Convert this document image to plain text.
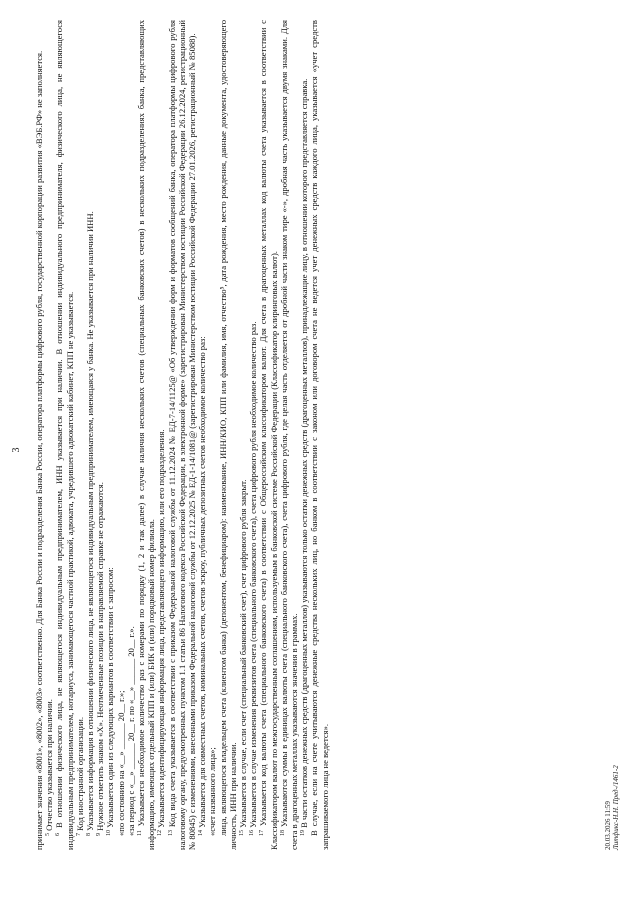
3 принимает значения «8001», «8002», «8003» соответственно. Для Банка России и подразделения Банка России, оператора платформы цифрового рубля, государственной корпорации развития «ВЭБ.РФ» не заполняется. $^5$ Отчество указывается при наличии.

$^6$ В отношении физического лица, не являющегося индивидуальным предпринимателем, ИНН указывается при наличии. В отношении индивидуального предпринимателя, физического лица, не являющегося индивидуальным предпринимателем, нотариуса, занимающегося частной практикой, адвоката, учредившего адвокатский кабинет, КПП не указывается. $^7$ Код иностранной организации.

$^8$ Указывается информация в отношении физического лица, не являющегося индивидуальным предпринимателем, имеющаяся у банка. Не указывается при наличии ИНН.

$^9$ Нужное отметить знаком «Х». Неотмеченные позиции в направляемой справке не отражаются.

$^{10}$ Указывается один из следующих вариантов в соответствии с запросом: «по состоянию на «__» ______ 20__ г.»; «за период с «__» ______ 20__ г. по «__» ______ 20__ г.». $^{11}$ Указывается необходимое количество раз с номерами по порядку (1, 2 и так далее) в случае наличия нескольких счетов (специальных банковских счетов) в нескольких подразделениях банка, представляющих информацию, имеющих отдельный КПП и (или) БИК и (или) порядковый номер филиала. $^{12}$ Указывается идентифицирующая информация лица, представляющего информацию, или его подразделения.

$^{13}$ Код вида счета указывается в соответствии с приказом Федеральной налоговой службы от 11.12.2024 № ЕД-7-14/1125@ «Об утверждении форм и форматов сообщений банка, оператора платформы цифрового рубля налоговому органу, предусмотренных пунктом 1.1 статьи 86 Налогового кодекса Российской Федерации, в электронной форме» (зарегистрирован Министерством юстиции Российской Федерации 26.12.2024, регистрационный № 80845) с изменениями, внесенными приказом Федеральной налоговой службы от 12.12.2025 № ЕД-1-14/1081@ (зарегистрирован Министерством юстиции Российской Федерации 27.01.2026, регистрационный № 85088). $^{14}$ Указывается для совместных счетов, номинальных счетов, счетов эскроу, публичных депозитных счетов необходимое количество раз: «счет названного лица»; лица, являющегося владельцем счета (клиентом банка) (депонентом, бенефициаром): наименование, ИНН/КИО, КПП или фамилия, имя, отчество⁵, дата рождения, место рождения, данные документа, удостоверяющего личность, ИНН при наличии. $^{15}$ Указывается в случае, если счет (специальный банковский счет), счет цифрового рубля закрыт.

$^{16}$ Указывается в случае изменения реквизитов счета (специального банковского счета), счета цифрового рубля необходимое количество раз.

$^{17}$ Указывается код валюты счета (специального банковского счета) в соответствии с Общероссийским классификатором валют. Для счета в драгоценных металлах код валюты счета указывается в соответствии с Классификатором валют по межгосударственным соглашениям, используемым в банковской системе Российской Федерации (Классификатор клиринговых валют). $^{18}$ Указываются суммы в единицах валюты счета (специального банковского счета), счета цифрового рубля, где целая часть отделяется от дробной части знаком тире «-», дробная часть указывается двумя знаками. Для счета в драгоценных металлах указываются значения в граммах. $^{19}$ В части остатков денежных средств (драгоценных металлов) указываются только остатки денежных средств (драгоценных металлов), принадлежащие лицу, в отношении которого представляется справка. В случае, если на счете учитываются денежные средства нескольких лиц, но банком в соответствии с законом или договором счета не ведется учет денежных средств каждого лица, указывается «учет средств запрашиваемого лица не ведется».	20.03.2026 11:59 Литфикс-Н.Н. Пред-/1461-2
